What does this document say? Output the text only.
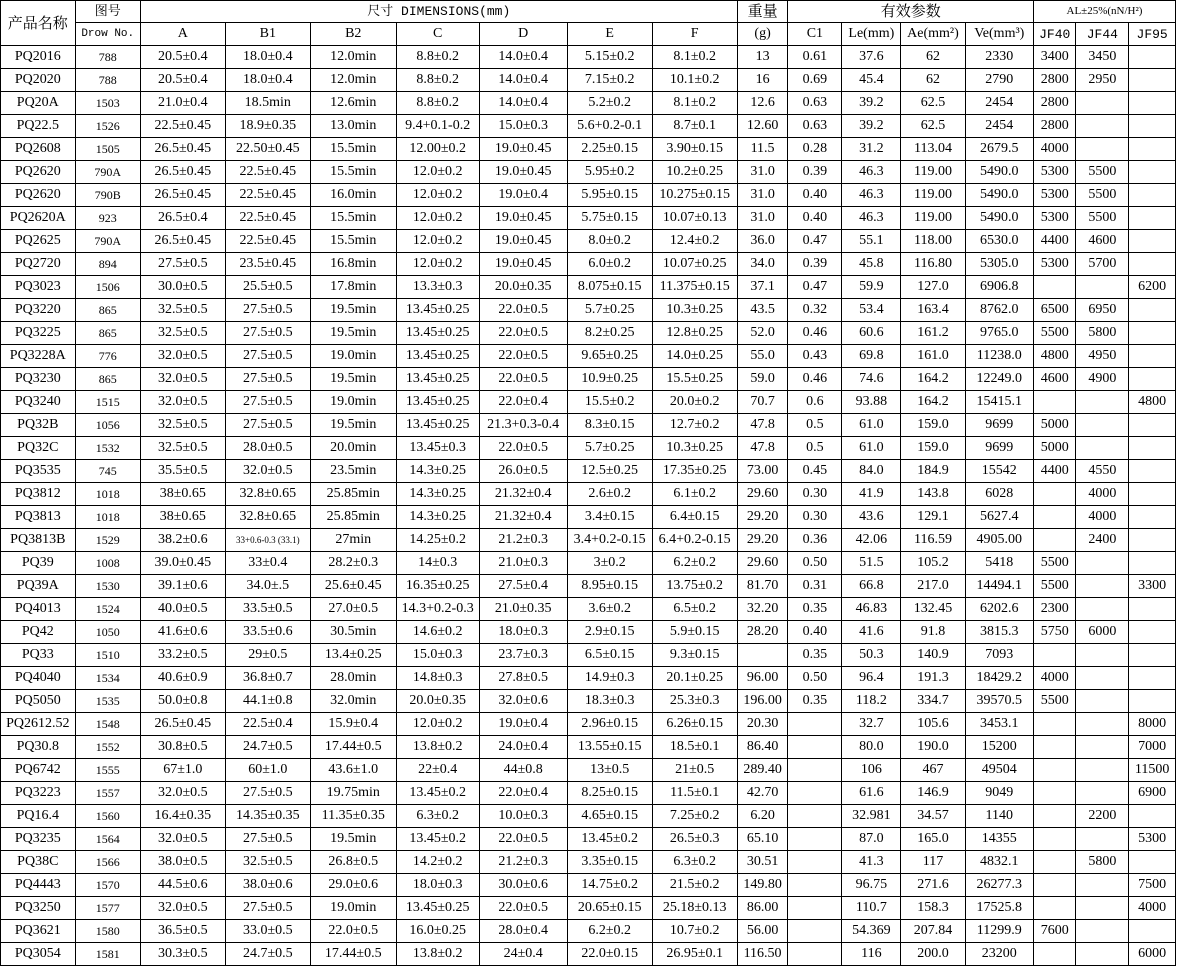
产品名称	图号	尺寸 DIMENSIONS(mm)							重量	有效参数				AL±25%(nN/H²)		
	Drow No.	A	B1	B2	C	D	E	F	(g)	C1	Le(mm)	Ae(mm²)	Ve(mm³)	JF40	JF44	JF95
PQ2016	788	20.5±0.4	18.0±0.4	12.0min	8.8±0.2	14.0±0.4	5.15±0.2	8.1±0.2	13	0.61	37.6	62	2330	3400	3450	
PQ2020	788	20.5±0.4	18.0±0.4	12.0min	8.8±0.2	14.0±0.4	7.15±0.2	10.1±0.2	16	0.69	45.4	62	2790	2800	2950	
PQ20A	1503	21.0±0.4	18.5min	12.6min	8.8±0.2	14.0±0.4	5.2±0.2	8.1±0.2	12.6	0.63	39.2	62.5	2454	2800		
PQ22.5	1526	22.5±0.45	18.9±0.35	13.0min	9.4+0.1-0.2	15.0±0.3	5.6+0.2-0.1	8.7±0.1	12.60	0.63	39.2	62.5	2454	2800		
PQ2608	1505	26.5±0.45	22.50±0.45	15.5min	12.00±0.2	19.0±0.45	2.25±0.15	3.90±0.15	11.5	0.28	31.2	113.04	2679.5	4000		
PQ2620	790A	26.5±0.45	22.5±0.45	15.5min	12.0±0.2	19.0±0.45	5.95±0.2	10.2±0.25	31.0	0.39	46.3	119.00	5490.0	5300	5500	
PQ2620	790B	26.5±0.45	22.5±0.45	16.0min	12.0±0.2	19.0±0.4	5.95±0.15	10.275±0.15	31.0	0.40	46.3	119.00	5490.0	5300	5500	
PQ2620A	923	26.5±0.4	22.5±0.45	15.5min	12.0±0.2	19.0±0.45	5.75±0.15	10.07±0.13	31.0	0.40	46.3	119.00	5490.0	5300	5500	
PQ2625	790A	26.5±0.45	22.5±0.45	15.5min	12.0±0.2	19.0±0.45	8.0±0.2	12.4±0.2	36.0	0.47	55.1	118.00	6530.0	4400	4600	
PQ2720	894	27.5±0.5	23.5±0.45	16.8min	12.0±0.2	19.0±0.45	6.0±0.2	10.07±0.25	34.0	0.39	45.8	116.80	5305.0	5300	5700	
PQ3023	1506	30.0±0.5	25.5±0.5	17.8min	13.3±0.3	20.0±0.35	8.075±0.15	11.375±0.15	37.1	0.47	59.9	127.0	6906.8			6200
PQ3220	865	32.5±0.5	27.5±0.5	19.5min	13.45±0.25	22.0±0.5	5.7±0.25	10.3±0.25	43.5	0.32	53.4	163.4	8762.0	6500	6950	
PQ3225	865	32.5±0.5	27.5±0.5	19.5min	13.45±0.25	22.0±0.5	8.2±0.25	12.8±0.25	52.0	0.46	60.6	161.2	9765.0	5500	5800	
PQ3228A	776	32.0±0.5	27.5±0.5	19.0min	13.45±0.25	22.0±0.5	9.65±0.25	14.0±0.25	55.0	0.43	69.8	161.0	11238.0	4800	4950	
PQ3230	865	32.0±0.5	27.5±0.5	19.5min	13.45±0.25	22.0±0.5	10.9±0.25	15.5±0.25	59.0	0.46	74.6	164.2	12249.0	4600	4900	
PQ3240	1515	32.0±0.5	27.5±0.5	19.0min	13.45±0.25	22.0±0.4	15.5±0.2	20.0±0.2	70.7	0.6	93.88	164.2	15415.1			4800
PQ32B	1056	32.5±0.5	27.5±0.5	19.5min	13.45±0.25	21.3+0.3-0.4	8.3±0.15	12.7±0.2	47.8	0.5	61.0	159.0	9699	5000		
PQ32C	1532	32.5±0.5	28.0±0.5	20.0min	13.45±0.3	22.0±0.5	5.7±0.25	10.3±0.25	47.8	0.5	61.0	159.0	9699	5000		
PQ3535	745	35.5±0.5	32.0±0.5	23.5min	14.3±0.25	26.0±0.5	12.5±0.25	17.35±0.25	73.00	0.45	84.0	184.9	15542	4400	4550	
PQ3812	1018	38±0.65	32.8±0.65	25.85min	14.3±0.25	21.32±0.4	2.6±0.2	6.1±0.2	29.60	0.30	41.9	143.8	6028		4000	
PQ3813	1018	38±0.65	32.8±0.65	25.85min	14.3±0.25	21.32±0.4	3.4±0.15	6.4±0.15	29.20	0.30	43.6	129.1	5627.4		4000	
PQ3813B	1529	38.2±0.6	33+0.6-0.3 (33.1)	27min	14.25±0.2	21.2±0.3	3.4+0.2-0.15	6.4+0.2-0.15	29.20	0.36	42.06	116.59	4905.00		2400	
PQ39	1008	39.0±0.45	33±0.4	28.2±0.3	14±0.3	21.0±0.3	3±0.2	6.2±0.2	29.60	0.50	51.5	105.2	5418	5500		
PQ39A	1530	39.1±0.6	34.0±.5	25.6±0.45	16.35±0.25	27.5±0.4	8.95±0.15	13.75±0.2	81.70	0.31	66.8	217.0	14494.1	5500		3300
PQ4013	1524	40.0±0.5	33.5±0.5	27.0±0.5	14.3+0.2-0.3	21.0±0.35	3.6±0.2	6.5±0.2	32.20	0.35	46.83	132.45	6202.6	2300		
PQ42	1050	41.6±0.6	33.5±0.6	30.5min	14.6±0.2	18.0±0.3	2.9±0.15	5.9±0.15	28.20	0.40	41.6	91.8	3815.3	5750	6000	
PQ33	1510	33.2±0.5	29±0.5	13.4±0.25	15.0±0.3	23.7±0.3	6.5±0.15	9.3±0.15		0.35	50.3	140.9	7093			
PQ4040	1534	40.6±0.9	36.8±0.7	28.0min	14.8±0.3	27.8±0.5	14.9±0.3	20.1±0.25	96.00	0.50	96.4	191.3	18429.2	4000		
PQ5050	1535	50.0±0.8	44.1±0.8	32.0min	20.0±0.35	32.0±0.6	18.3±0.3	25.3±0.3	196.00	0.35	118.2	334.7	39570.5	5500		
PQ2612.52	1548	26.5±0.45	22.5±0.4	15.9±0.4	12.0±0.2	19.0±0.4	2.96±0.15	6.26±0.15	20.30		32.7	105.6	3453.1			8000
PQ30.8	1552	30.8±0.5	24.7±0.5	17.44±0.5	13.8±0.2	24.0±0.4	13.55±0.15	18.5±0.1	86.40		80.0	190.0	15200			7000
PQ6742	1555	67±1.0	60±1.0	43.6±1.0	22±0.4	44±0.8	13±0.5	21±0.5	289.40		106	467	49504			11500
PQ3223	1557	32.0±0.5	27.5±0.5	19.75min	13.45±0.2	22.0±0.4	8.25±0.15	11.5±0.1	42.70		61.6	146.9	9049			6900
PQ16.4	1560	16.4±0.35	14.35±0.35	11.35±0.35	6.3±0.2	10.0±0.3	4.65±0.15	7.25±0.2	6.20		32.981	34.57	1140		2200	
PQ3235	1564	32.0±0.5	27.5±0.5	19.5min	13.45±0.2	22.0±0.5	13.45±0.2	26.5±0.3	65.10		87.0	165.0	14355			5300
PQ38C	1566	38.0±0.5	32.5±0.5	26.8±0.5	14.2±0.2	21.2±0.3	3.35±0.15	6.3±0.2	30.51		41.3	117	4832.1		5800	
PQ4443	1570	44.5±0.6	38.0±0.6	29.0±0.6	18.0±0.3	30.0±0.6	14.75±0.2	21.5±0.2	149.80		96.75	271.6	26277.3			7500
PQ3250	1577	32.0±0.5	27.5±0.5	19.0min	13.45±0.25	22.0±0.5	20.65±0.15	25.18±0.13	86.00		110.7	158.3	17525.8			4000
PQ3621	1580	36.5±0.5	33.0±0.5	22.0±0.5	16.0±0.25	28.0±0.4	6.2±0.2	10.7±0.2	56.00		54.369	207.84	11299.9	7600		
PQ3054	1581	30.3±0.5	24.7±0.5	17.44±0.5	13.8±0.2	24±0.4	22.0±0.15	26.95±0.1	116.50		116	200.0	23200			6000
